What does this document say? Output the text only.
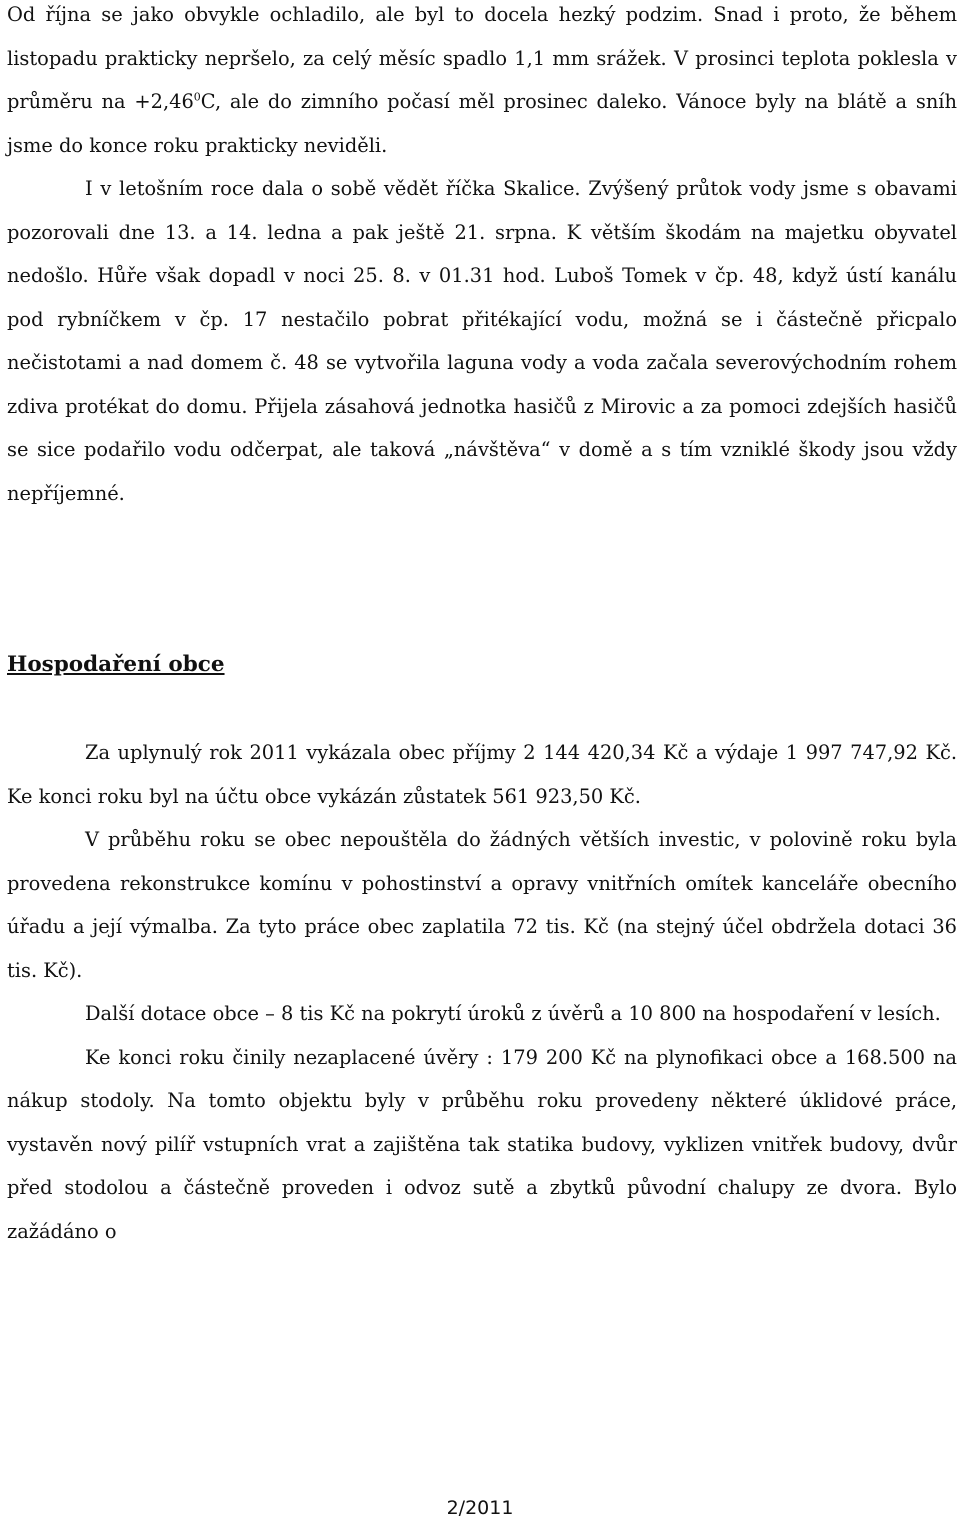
Od října se jako obvykle ochladilo, ale byl to docela hezký podzim. Snad i proto, že během listopadu prakticky nepršelo, za celý měsíc spadlo 1,1 mm srážek. V prosinci teplota poklesla v průměru na $+2,46^0C$, ale do zimního počasí měl prosinec daleko. Vánoce byly na blátě a sníh jsme do konce roku prakticky neviděli.

I v letošním roce dala o sobě vědět říčka Skalice. Zvýšený průtok vody jsme s obavami pozorovali dne 13. a 14. ledna a pak ještě 21. srpna. K větším škodám na majetku obyvatel nedošlo. Hůře však dopadl v noci 25. 8. v 01.31 hod. Luboš Tomek v čp. 48, když ústí kanálu pod rybníčkem v čp. 17 nestačilo pobrat přitékající vodu, možná se i částečně přicpalo nečistotami a nad domem č. 48 se vytvořila laguna vody a voda začala severovýchodním rohem zdiva protékat do domu. Přijela zásahová jednotka hasičů z Mirovic a za pomoci zdejších hasičů se sice podařilo vodu odčerpat, ale taková „návštěva“ v domě a s tím vzniklé škody jsou vždy nepříjemné.

Hospodaření obce

Za uplynulý rok 2011 vykázala obec příjmy 2 144 420,34 Kč a výdaje 1 997 747,92 Kč. Ke konci roku byl na účtu obce vykázán zůstatek 561 923,50 Kč.

V průběhu roku se obec nepouštěla do žádných větších investic, v polovině roku byla provedena rekonstrukce komínu v pohostinství a opravy vnitřních omítek kanceláře obecního úřadu a její výmalba. Za tyto práce obec zaplatila 72 tis. Kč (na stejný účel obdržela dotaci 36 tis. Kč).

Další dotace obce – 8 tis Kč na pokrytí úroků z úvěrů a 10 800 na hospodaření v lesích.

Ke konci roku činily nezaplacené úvěry : 179 200 Kč na plynofikaci obce a 168.500 na nákup stodoly. Na tomto objektu byly v průběhu roku provedeny některé úklidové práce, vystavěn nový pilíř vstupních vrat a zajištěna tak statika budovy, vyklizen vnitřek budovy, dvůr před stodolou a částečně proveden i odvoz sutě a zbytků původní chalupy ze dvora. Bylo zažádáno o

2/2011
